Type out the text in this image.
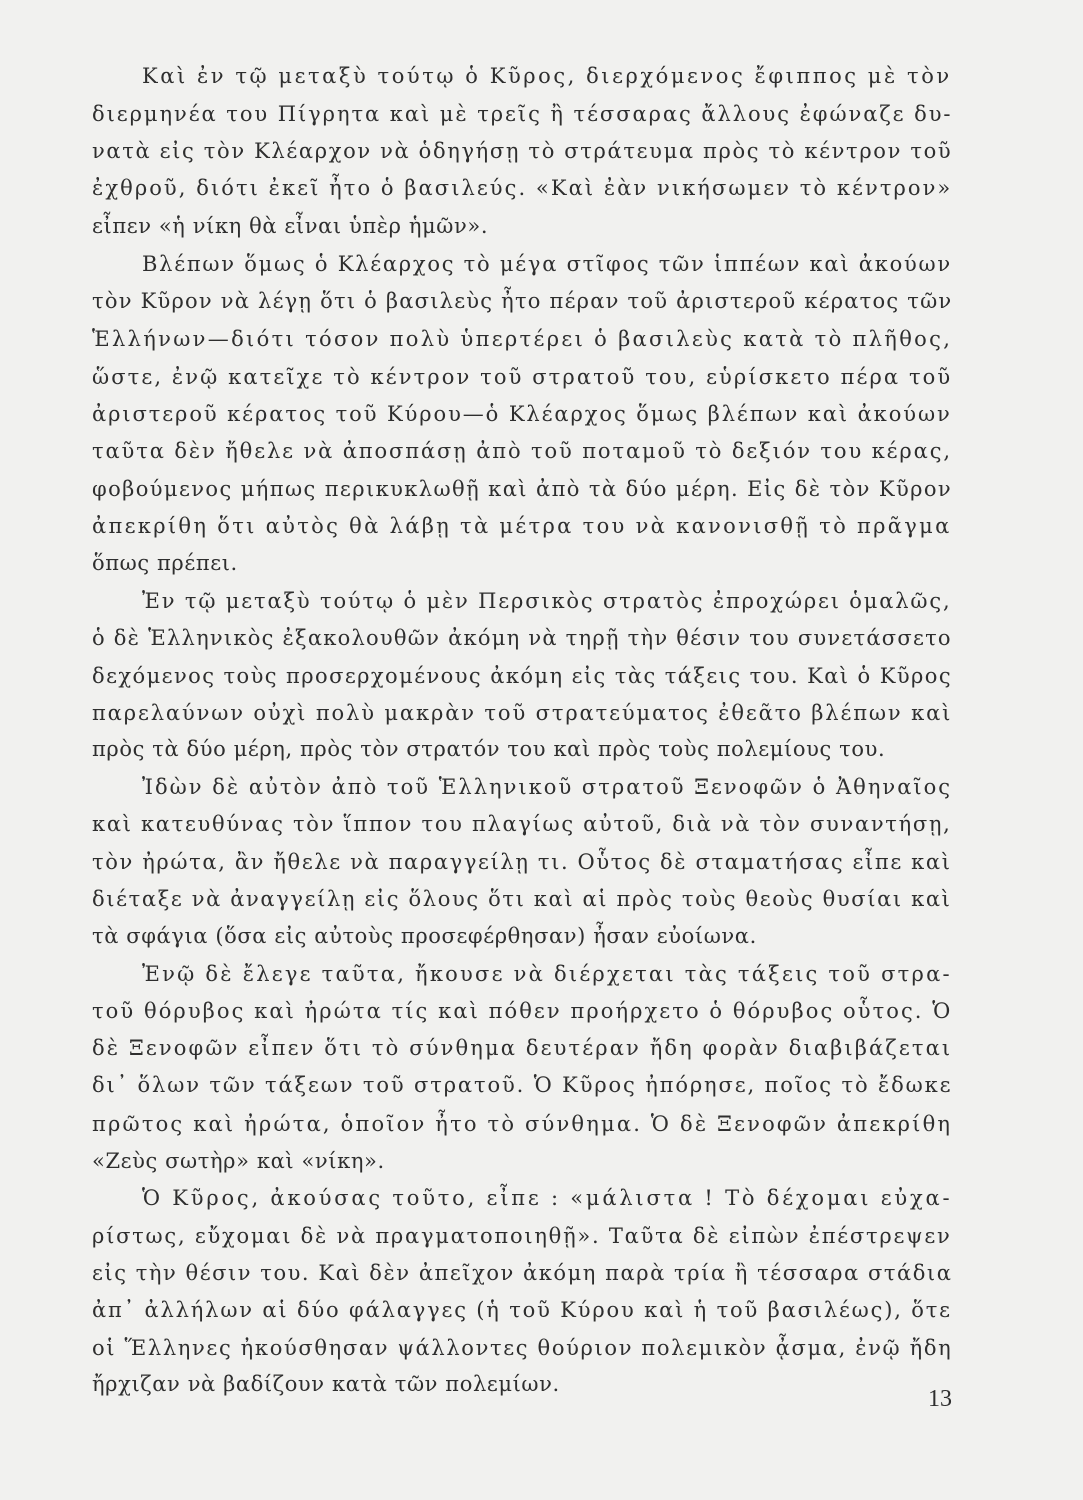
Καὶ ἐν τῷ μεταξὺ τούτῳ ὁ Κῦρος, διερχόμενος ἔφιππος μὲ τὸν
διερμηνέα του Πίγρητα καὶ μὲ τρεῖς ἢ τέσσαρας ἄλλους ἐφώναζε δυ-
νατὰ εἰς τὸν Κλέαρχον νὰ ὁδηγήσῃ τὸ στράτευμα πρὸς τὸ κέντρον τοῦ
ἐχθροῦ, διότι ἐκεῖ ἦτο ὁ βασιλεύς. «Καὶ ἐὰν νικήσωμεν τὸ κέντρον»
εἶπεν «ἡ νίκη θὰ εἶναι ὑπὲρ ἡμῶν».
Βλέπων ὅμως ὁ Κλέαρχος τὸ μέγα στῖφος τῶν ἱππέων καὶ ἀκούων
τὸν Κῦρον νὰ λέγῃ ὅτι ὁ βασιλεὺς ἦτο πέραν τοῦ ἀριστεροῦ κέρατος τῶν
Ἑλλήνων—διότι τόσον πολὺ ὑπερτέρει ὁ βασιλεὺς κατὰ τὸ πλῆθος,
ὥστε, ἐνῷ κατεῖχε τὸ κέντρον τοῦ στρατοῦ του, εὑρίσκετο πέρα τοῦ
ἀριστεροῦ κέρατος τοῦ Κύρου—ὁ Κλέαρχος ὅμως βλέπων καὶ ἀκούων
ταῦτα δὲν ἤθελε νὰ ἀποσπάσῃ ἀπὸ τοῦ ποταμοῦ τὸ δεξιόν του κέρας,
φοβούμενος μήπως περικυκλωθῇ καὶ ἀπὸ τὰ δύο μέρη. Εἰς δὲ τὸν Κῦρον
ἀπεκρίθη ὅτι αὐτὸς θὰ λάβῃ τὰ μέτρα του νὰ κανονισθῇ τὸ πρᾶγμα
ὅπως πρέπει.
Ἐν τῷ μεταξὺ τούτῳ ὁ μὲν Περσικὸς στρατὸς ἐπροχώρει ὁμαλῶς,
ὁ δὲ Ἑλληνικὸς ἐξακολουθῶν ἀκόμη νὰ τηρῇ τὴν θέσιν του συνετάσσετο
δεχόμενος τοὺς προσερχομένους ἀκόμη εἰς τὰς τάξεις του. Καὶ ὁ Κῦρος
παρελαύνων οὐχὶ πολὺ μακρὰν τοῦ στρατεύματος ἐθεᾶτο βλέπων καὶ
πρὸς τὰ δύο μέρη, πρὸς τὸν στρατόν του καὶ πρὸς τοὺς πολεμίους του.
Ἰδὼν δὲ αὐτὸν ἀπὸ τοῦ Ἑλληνικοῦ στρατοῦ Ξενοφῶν ὁ Ἀθηναῖος
καὶ κατευθύνας τὸν ἵππον του πλαγίως αὐτοῦ, διὰ νὰ τὸν συναντήσῃ,
τὸν ἠρώτα, ἂν ἤθελε νὰ παραγγείλῃ τι. Οὗτος δὲ σταματήσας εἶπε καὶ
διέταξε νὰ ἀναγγείλῃ εἰς ὅλους ὅτι καὶ αἱ πρὸς τοὺς θεοὺς θυσίαι καὶ
τὰ σφάγια (ὅσα εἰς αὐτοὺς προσεφέρθησαν) ἦσαν εὐοίωνα.
Ἐνῷ δὲ ἔλεγε ταῦτα, ἤκουσε νὰ διέρχεται τὰς τάξεις τοῦ στρα-
τοῦ θόρυβος καὶ ἠρώτα τίς καὶ πόθεν προήρχετο ὁ θόρυβος οὗτος. Ὁ
δὲ Ξενοφῶν εἶπεν ὅτι τὸ σύνθημα δευτέραν ἤδη φορὰν διαβιβάζεται
δι᾽ ὅλων τῶν τάξεων τοῦ στρατοῦ. Ὁ Κῦρος ἠπόρησε, ποῖος τὸ ἔδωκε
πρῶτος καὶ ἠρώτα, ὁποῖον ἦτο τὸ σύνθημα. Ὁ δὲ Ξενοφῶν ἀπεκρίθη
«Ζεὺς σωτὴρ» καὶ «νίκη».
Ὁ Κῦρος, ἀκούσας τοῦτο, εἶπε : «μάλιστα ! Τὸ δέχομαι εὐχα-
ρίστως, εὔχομαι δὲ νὰ πραγματοποιηθῇ». Ταῦτα δὲ εἰπὼν ἐπέστρεψεν
εἰς τὴν θέσιν του. Καὶ δὲν ἀπεῖχον ἀκόμη παρὰ τρία ἢ τέσσαρα στάδια
ἀπ᾽ ἀλλήλων αἱ δύο φάλαγγες (ἡ τοῦ Κύρου καὶ ἡ τοῦ βασιλέως), ὅτε
οἱ Ἕλληνες ἠκούσθησαν ψάλλοντες θούριον πολεμικὸν ᾆσμα, ἐνῷ ἤδη
ἤρχιζαν νὰ βαδίζουν κατὰ τῶν πολεμίων.
13
